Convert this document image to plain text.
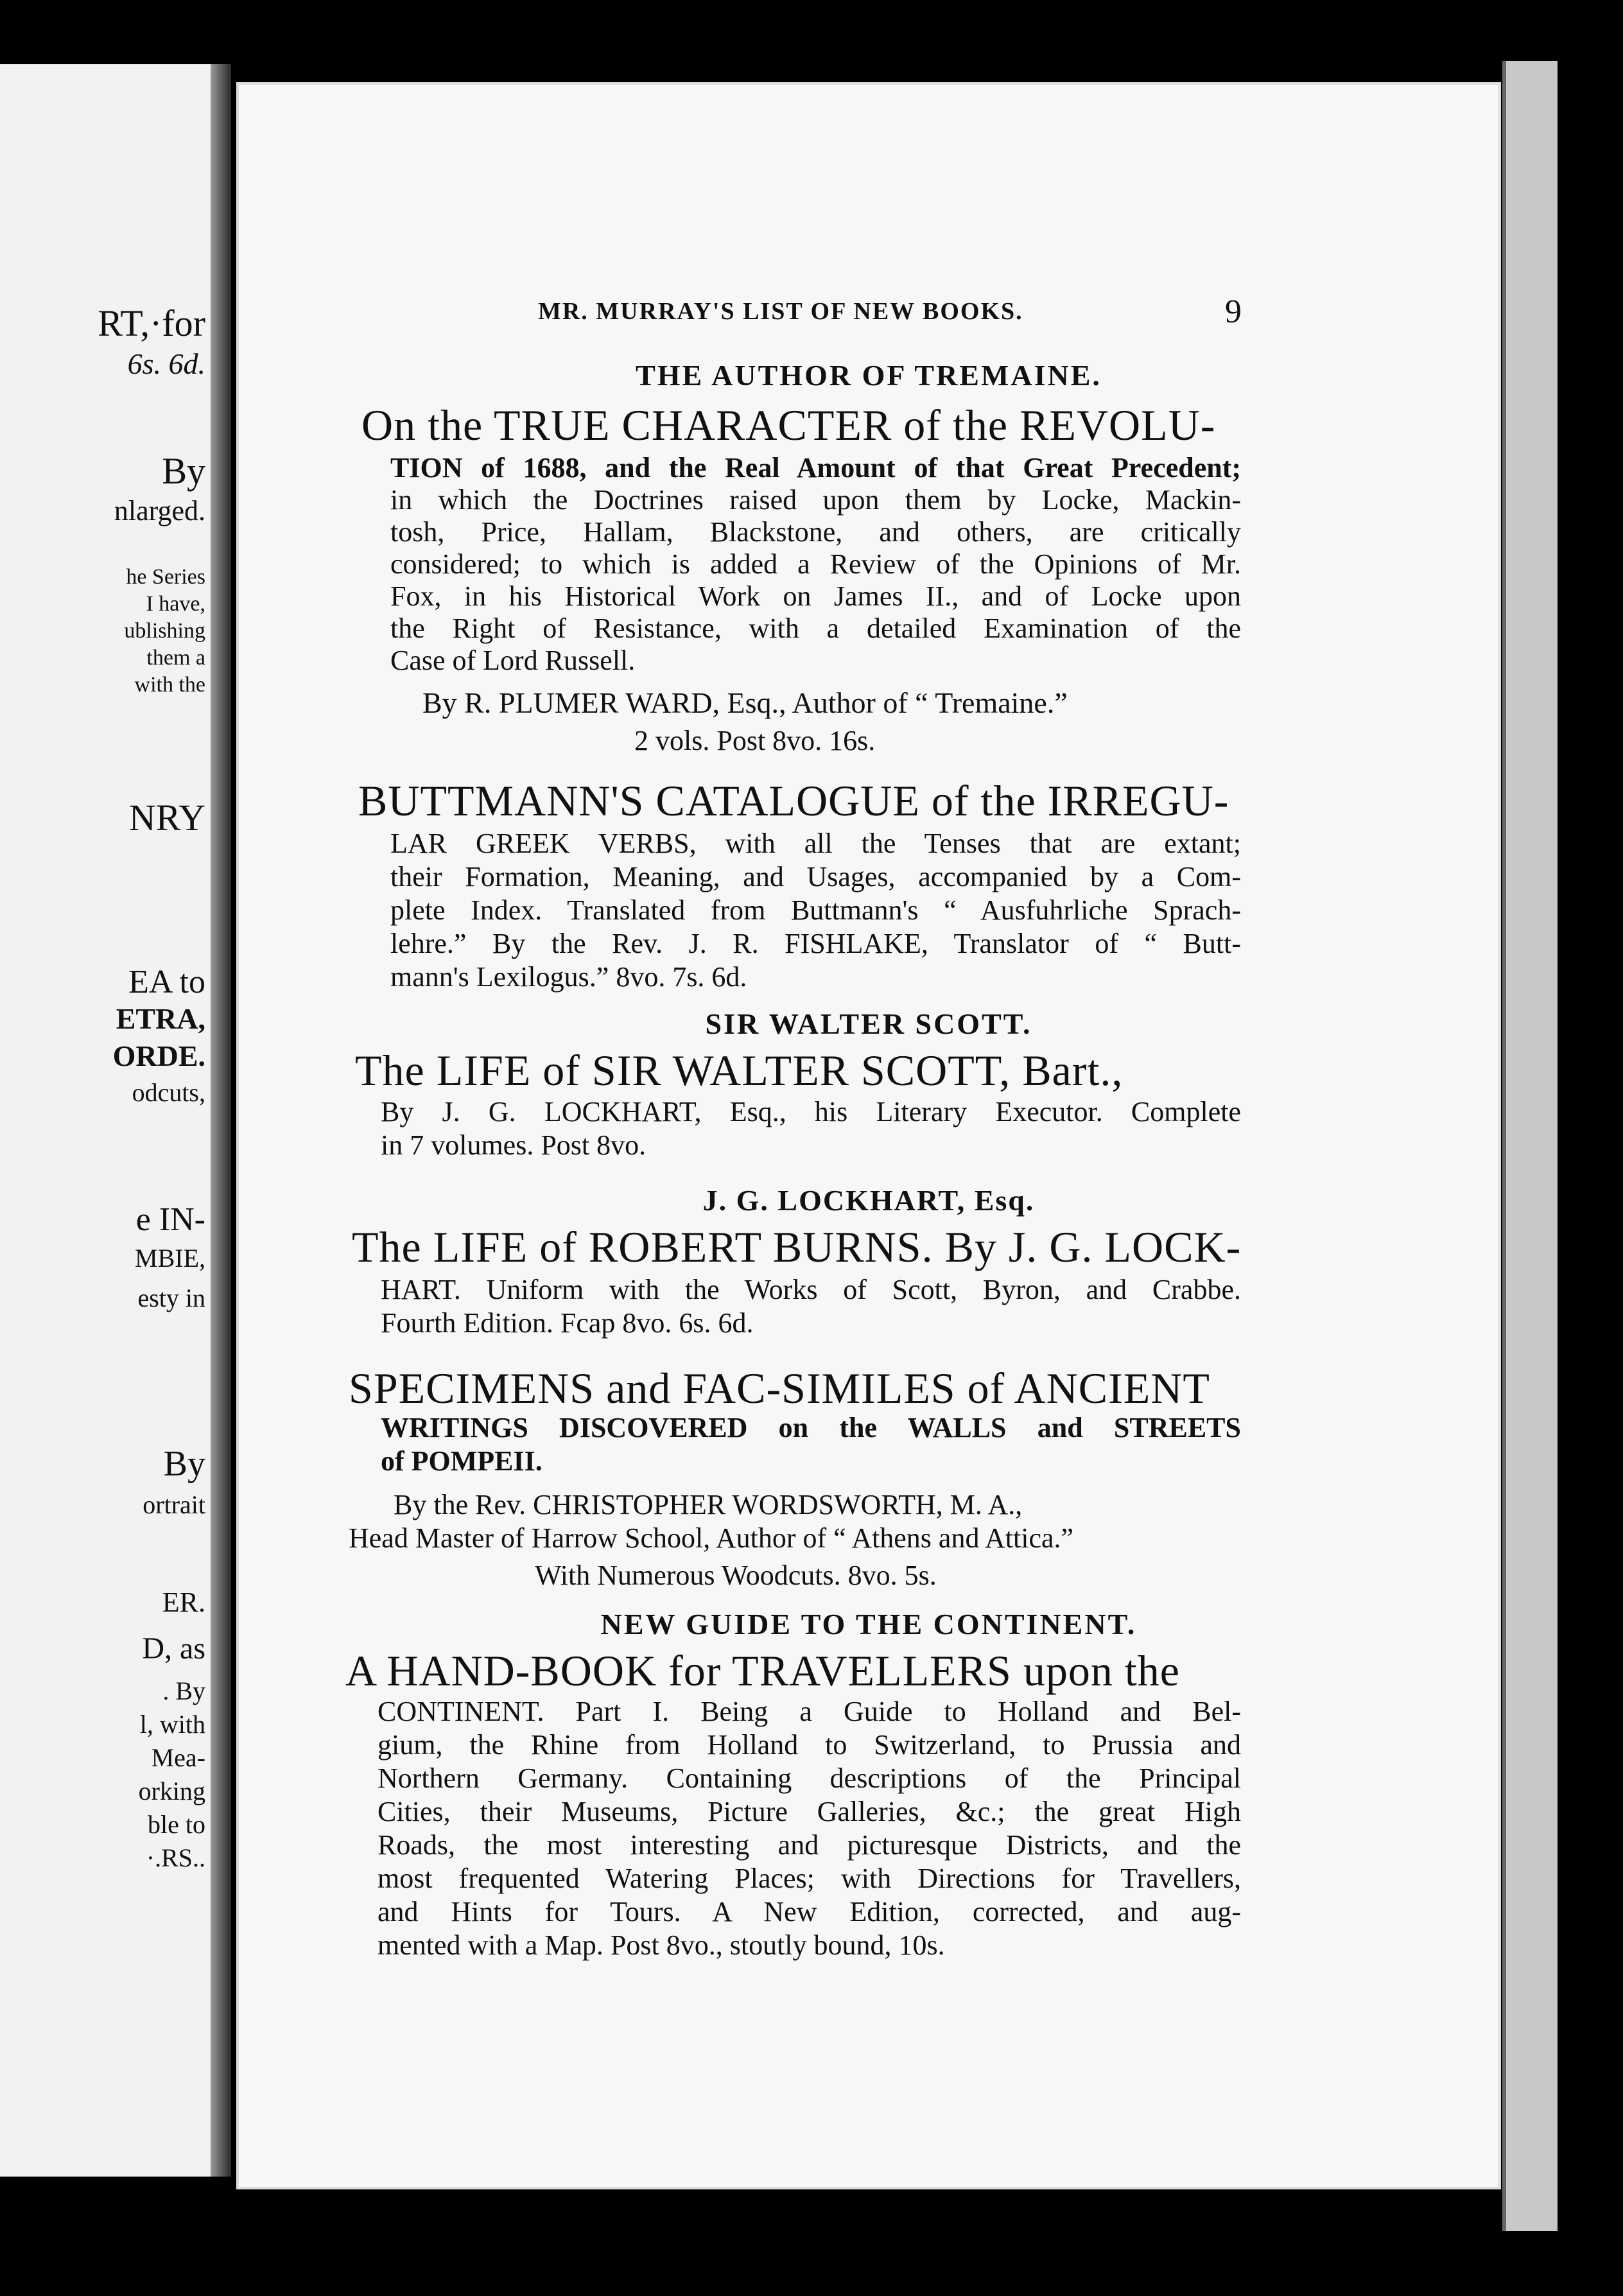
RT,·for
6s. 6d.
By
nlarged.
he Series
I have,
ublishing
them a
with the
NRY
EA to
ETRA,
ORDE.
odcuts,
e IN-
MBIE,
esty in
By
ortrait
ER.
D, as
. By
l, with
Mea-
orking
ble to
·.RS..
MR. MURRAY'S LIST OF NEW BOOKS.	9
THE AUTHOR OF TREMAINE.
On the TRUE CHARACTER of the REVOLU-
TION of 1688, and the Real Amount of that Great Precedent;
in which the Doctrines raised upon them by Locke, Mackin-
tosh, Price, Hallam, Blackstone, and others, are critically
considered; to which is added a Review of the Opinions of Mr.
Fox, in his Historical Work on James II., and of Locke upon
the Right of Resistance, with a detailed Examination of the
Case of Lord Russell.
By R. PLUMER WARD, Esq., Author of “ Tremaine.”
2 vols. Post 8vo. 16s.
BUTTMANN'S CATALOGUE of the IRREGU-
LAR GREEK VERBS, with all the Tenses that are extant;
their Formation, Meaning, and Usages, accompanied by a Com-
plete Index. Translated from Buttmann's “ Ausfuhrliche Sprach-
lehre.” By the Rev. J. R. FISHLAKE, Translator of “ Butt-
mann's Lexilogus.” 8vo. 7s. 6d.
SIR WALTER SCOTT.
The LIFE of SIR WALTER SCOTT, Bart.,
By J. G. LOCKHART, Esq., his Literary Executor. Complete
in 7 volumes. Post 8vo.
J. G. LOCKHART, Esq.
The LIFE of ROBERT BURNS. By J. G. LOCK-
HART. Uniform with the Works of Scott, Byron, and Crabbe.
Fourth Edition. Fcap 8vo. 6s. 6d.
SPECIMENS and FAC-SIMILES of ANCIENT
WRITINGS DISCOVERED on the WALLS and STREETS
of POMPEII.
By the Rev. CHRISTOPHER WORDSWORTH, M. A.,
Head Master of Harrow School, Author of “ Athens and Attica.”
With Numerous Woodcuts. 8vo. 5s.
NEW GUIDE TO THE CONTINENT.
A HAND-BOOK for TRAVELLERS upon the
CONTINENT. Part I. Being a Guide to Holland and Bel-
gium, the Rhine from Holland to Switzerland, to Prussia and
Northern Germany. Containing descriptions of the Principal
Cities, their Museums, Picture Galleries, &c.; the great High
Roads, the most interesting and picturesque Districts, and the
most frequented Watering Places; with Directions for Travellers,
and Hints for Tours. A New Edition, corrected, and aug-
mented with a Map. Post 8vo., stoutly bound, 10s.
